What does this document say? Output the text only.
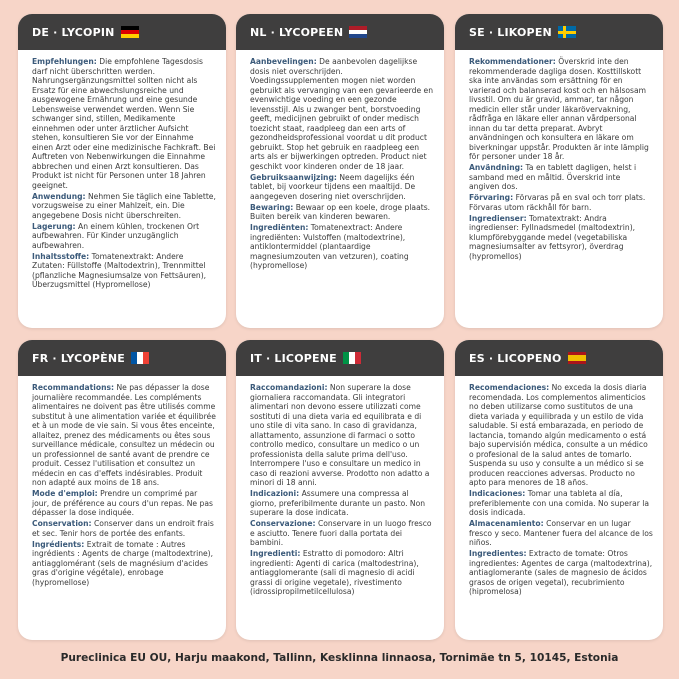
DE · LYCOPIN

Empfehlungen: Die empfohlene Tagesdosis darf nicht überschritten werden. Nahrungsergänzungsmittel sollten nicht als Ersatz für eine abwechslungsreiche und ausgewogene Ernährung und eine gesunde Lebensweise verwendet werden. Wenn Sie schwanger sind, stillen, Medikamente einnehmen oder unter ärztlicher Aufsicht stehen, konsultieren Sie vor der Einnahme einen Arzt oder eine medizinische Fachkraft. Bei Auftreten von Nebenwirkungen die Einnahme abbrechen und einen Arzt konsultieren. Das Produkt ist nicht für Personen unter 18 Jahren geeignet.

Anwendung: Nehmen Sie täglich eine Tablette, vorzugsweise zu einer Mahlzeit, ein. Die angegebene Dosis nicht überschreiten.

Lagerung: An einem kühlen, trockenen Ort aufbewahren. Für Kinder unzugänglich aufbewahren.

Inhaltsstoffe: Tomatenextrakt: Andere Zutaten: Füllstoffe (Maltodextrin), Trennmittel (pflanzliche Magnesiumsalze von Fettsäuren), Überzugsmittel (Hypromellose)

NL · LYCOPEEN

Aanbevelingen: De aanbevolen dagelijkse dosis niet overschrijden. Voedingssupplementen mogen niet worden gebruikt als vervanging van een gevarieerde en evenwichtige voeding en een gezonde levensstijl. Als u zwanger bent, borstvoeding geeft, medicijnen gebruikt of onder medisch toezicht staat, raadpleeg dan een arts of gezondheidsprofessional voordat u dit product gebruikt. Stop het gebruik en raadpleeg een arts als er bijwerkingen optreden. Product niet geschikt voor kinderen onder de 18 jaar.

Gebruiksaanwijzing: Neem dagelijks één tablet, bij voorkeur tijdens een maaltijd. De aangegeven dosering niet overschrijden.

Bewaring: Bewaar op een koele, droge plaats. Buiten bereik van kinderen bewaren.

Ingrediënten: Tomatenextract: Andere ingrediënten: Vulstoffen (maltodextrine), antiklontermiddel (plantaardige magnesiumzouten van vetzuren), coating (hypromellose)

SE · LIKOPEN

Rekommendationer: Överskrid inte den rekommenderade dagliga dosen. Kosttillskott ska inte användas som ersättning för en varierad och balanserad kost och en hälsosam livsstil. Om du är gravid, ammar, tar någon medicin eller står under läkarövervakning, rådfråga en läkare eller annan vårdpersonal innan du tar detta preparat. Avbryt användningen och konsultera en läkare om biverkningar uppstår. Produkten är inte lämplig för personer under 18 år.

Användning: Ta en tablett dagligen, helst i samband med en måltid. Överskrid inte angiven dos.

Förvaring: Förvaras på en sval och torr plats. Förvaras utom räckhåll för barn.

Ingredienser: Tomatextrakt: Andra ingredienser: Fyllnadsmedel (maltodextrin), klumpförebyggande medel (vegetabiliska magnesiumsalter av fettsyror), överdrag (hypromellos)

FR · LYCOPÈNE

Recommandations: Ne pas dépasser la dose journalière recommandée. Les compléments alimentaires ne doivent pas être utilisés comme substitut à une alimentation variée et équilibrée et à un mode de vie sain. Si vous êtes enceinte, allaitez, prenez des médicaments ou êtes sous surveillance médicale, consultez un médecin ou un professionnel de santé avant de prendre ce produit. Cessez l'utilisation et consultez un médecin en cas d'effets indésirables. Produit non adapté aux moins de 18 ans.

Mode d'emploi: Prendre un comprimé par jour, de préférence au cours d'un repas. Ne pas dépasser la dose indiquée.

Conservation: Conserver dans un endroit frais et sec. Tenir hors de portée des enfants.

Ingrédients: Extrait de tomate : Autres ingrédients : Agents de charge (maltodextrine), antiagglomérant (sels de magnésium d'acides gras d'origine végétale), enrobage (hypromellose)

IT · LICOPENE

Raccomandazioni: Non superare la dose giornaliera raccomandata. Gli integratori alimentari non devono essere utilizzati come sostituti di una dieta varia ed equilibrata e di uno stile di vita sano. In caso di gravidanza, allattamento, assunzione di farmaci o sotto controllo medico, consultare un medico o un professionista della salute prima dell'uso. Interrompere l'uso e consultare un medico in caso di reazioni avverse. Prodotto non adatto a minori di 18 anni.

Indicazioni: Assumere una compressa al giorno, preferibilmente durante un pasto. Non superare la dose indicata.

Conservazione: Conservare in un luogo fresco e asciutto. Tenere fuori dalla portata dei bambini.

Ingredienti: Estratto di pomodoro: Altri ingredienti: Agenti di carica (maltodestrina), antiagglomerante (sali di magnesio di acidi grassi di origine vegetale), rivestimento (idrossipropilmetilcellulosa)

ES · LICOPENO

Recomendaciones: No exceda la dosis diaria recomendada. Los complementos alimenticios no deben utilizarse como sustitutos de una dieta variada y equilibrada y un estilo de vida saludable. Si está embarazada, en periodo de lactancia, tomando algún medicamento o está bajo supervisión médica, consulte a un médico o profesional de la salud antes de tomarlo. Suspenda su uso y consulte a un médico si se producen reacciones adversas. Producto no apto para menores de 18 años.

Indicaciones: Tomar una tableta al día, preferiblemente con una comida. No superar la dosis indicada.

Almacenamiento: Conservar en un lugar fresco y seco. Mantener fuera del alcance de los niños.

Ingredientes: Extracto de tomate: Otros ingredientes: Agentes de carga (maltodextrina), antiaglomerante (sales de magnesio de ácidos grasos de origen vegetal), recubrimiento (hipromelosa)

Pureclinica EU OU, Harju maakond, Tallinn, Kesklinna linnaosa, Tornimäe tn 5, 10145, Estonia
